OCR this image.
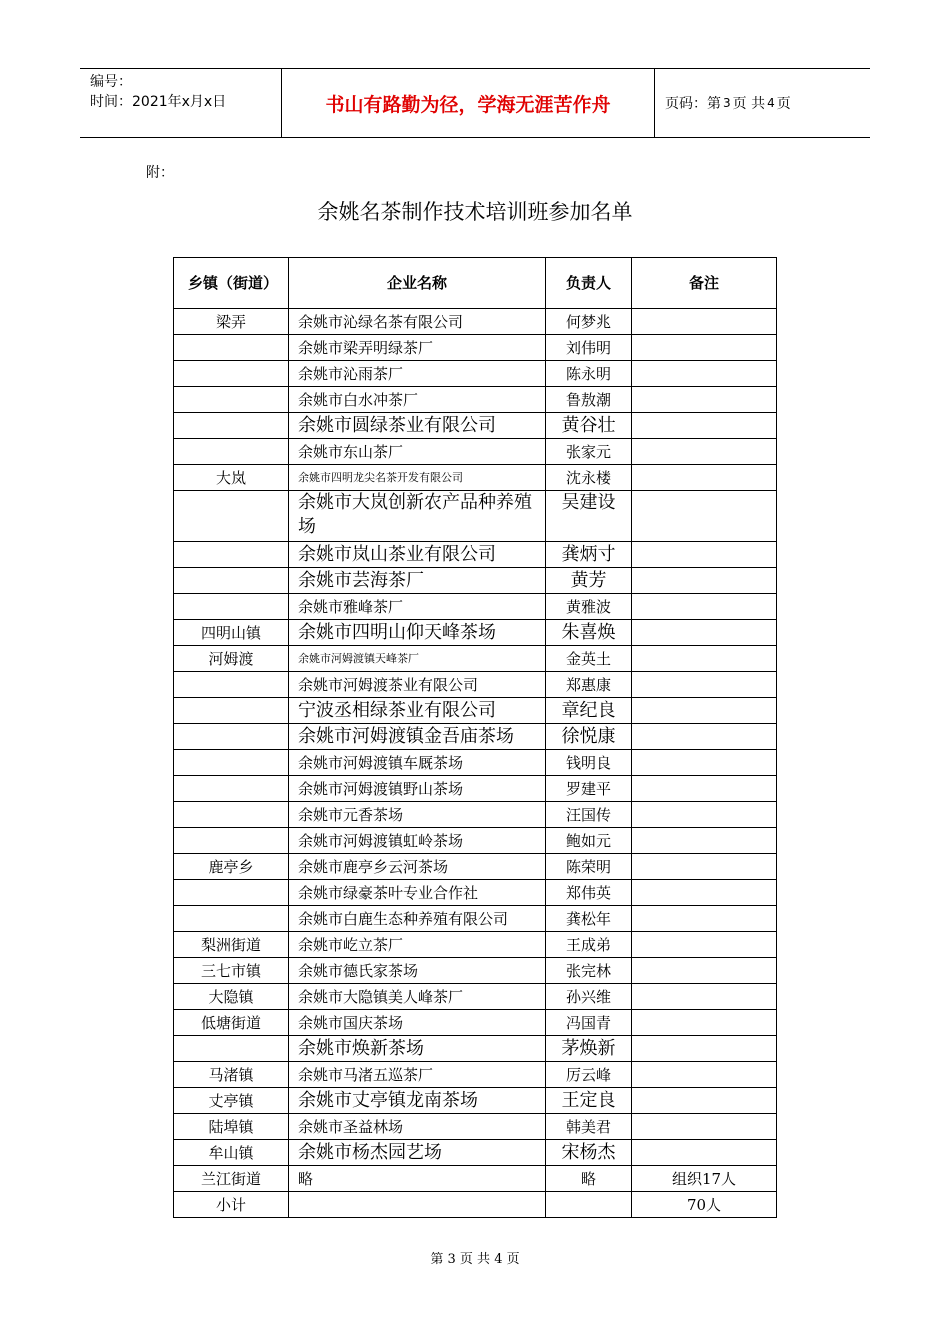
编号：
时间：2021年x月x日	书山有路勤为径，学海无涯苦作舟	页码：第 3 页 共 4 页
附：
余姚名茶制作技术培训班参加名单
乡镇（街道）	企业名称	负责人	备注
梁弄	余姚市沁绿名茶有限公司	何梦兆	
	余姚市梁弄明绿茶厂	刘伟明	
	余姚市沁雨茶厂	陈永明	
	余姚市白水冲茶厂	鲁敖潮	
	余姚市圆绿茶业有限公司	黄谷壮	
	余姚市东山茶厂	张家元	
大岚	余姚市四明龙尖名茶开发有限公司	沈永楼	
	余姚市大岚创新农产品种养殖场	吴建设	
	余姚市岚山茶业有限公司	龚炳寸	
	余姚市芸海茶厂	黄芳	
	余姚市雅峰茶厂	黄雅波	
四明山镇	余姚市四明山仰天峰茶场	朱喜焕	
河姆渡	余姚市河姆渡镇天峰茶厂	金英土	
	余姚市河姆渡茶业有限公司	郑惠康	
	宁波丞相绿茶业有限公司	章纪良	
	余姚市河姆渡镇金吾庙茶场	徐悦康	
	余姚市河姆渡镇车厩茶场	钱明良	
	余姚市河姆渡镇野山茶场	罗建平	
	余姚市元香茶场	汪国传	
	余姚市河姆渡镇虹岭茶场	鲍如元	
鹿亭乡	余姚市鹿亭乡云河茶场	陈荣明	
	余姚市绿豪茶叶专业合作社	郑伟英	
	余姚市白鹿生态种养殖有限公司	龚松年	
梨洲街道	余姚市屹立茶厂	王成弟	
三七市镇	余姚市德氏家茶场	张完林	
大隐镇	余姚市大隐镇美人峰茶厂	孙兴维	
低塘街道	余姚市国庆茶场	冯国青	
	余姚市焕新茶场	茅焕新	
马渚镇	余姚市马渚五巡茶厂	厉云峰	
丈亭镇	余姚市丈亭镇龙南茶场	王定良	
陆埠镇	余姚市圣益林场	韩美君	
牟山镇	余姚市杨杰园艺场	宋杨杰	
兰江街道	略	略	组织17人
小计			70人
第 3 页 共 4 页
